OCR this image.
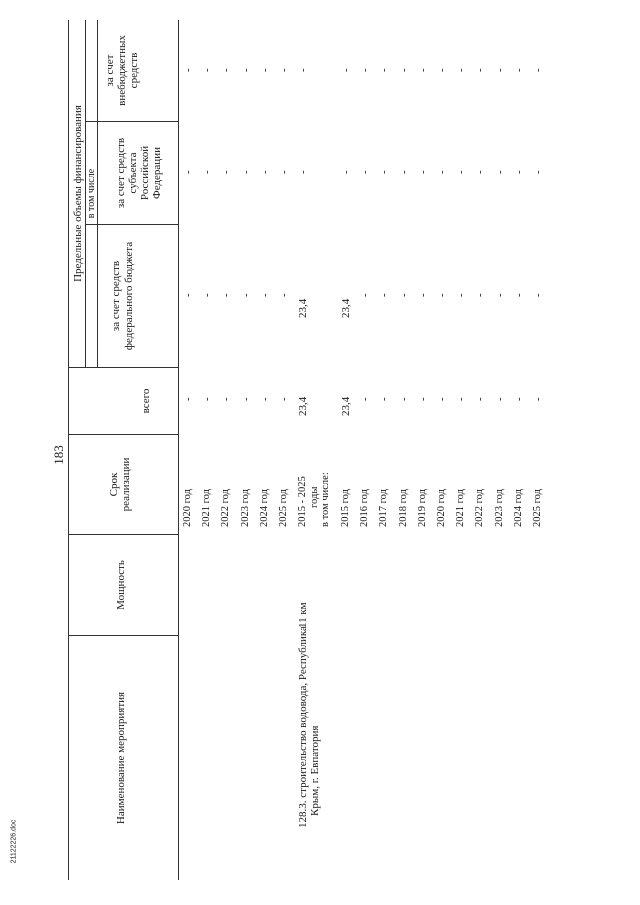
183
21122226.doc
Наименование мероприятия
Мощность
Срок реализации
всего
Предельные объемы финансирования в том числе
за счет средств федерального бюджета
за счет средств субъекта Российской Федерации
за счет внебюджетных средств
128.3. строительство водовода, Республика Крым, г. Евпатория
11 км
2015 - 2025 годы
23,4
23,4
-
-
в том числе:
2020 год
-
-
-
-
2021 год
-
-
-
-
2022 год
-
-
-
-
2023 год
-
-
-
-
2024 год
-
-
-
-
2025 год
-
-
-
-
2015 год
23,4
23,4
-
-
2016 год
-
-
-
-
2017 год
-
-
-
-
2018 год
-
-
-
-
2019 год
-
-
-
-
2020 год
-
-
-
-
2021 год
-
-
-
-
2022 год
-
-
-
-
2023 год
-
-
-
-
2024 год
-
-
-
-
2025 год
-
-
-
-
